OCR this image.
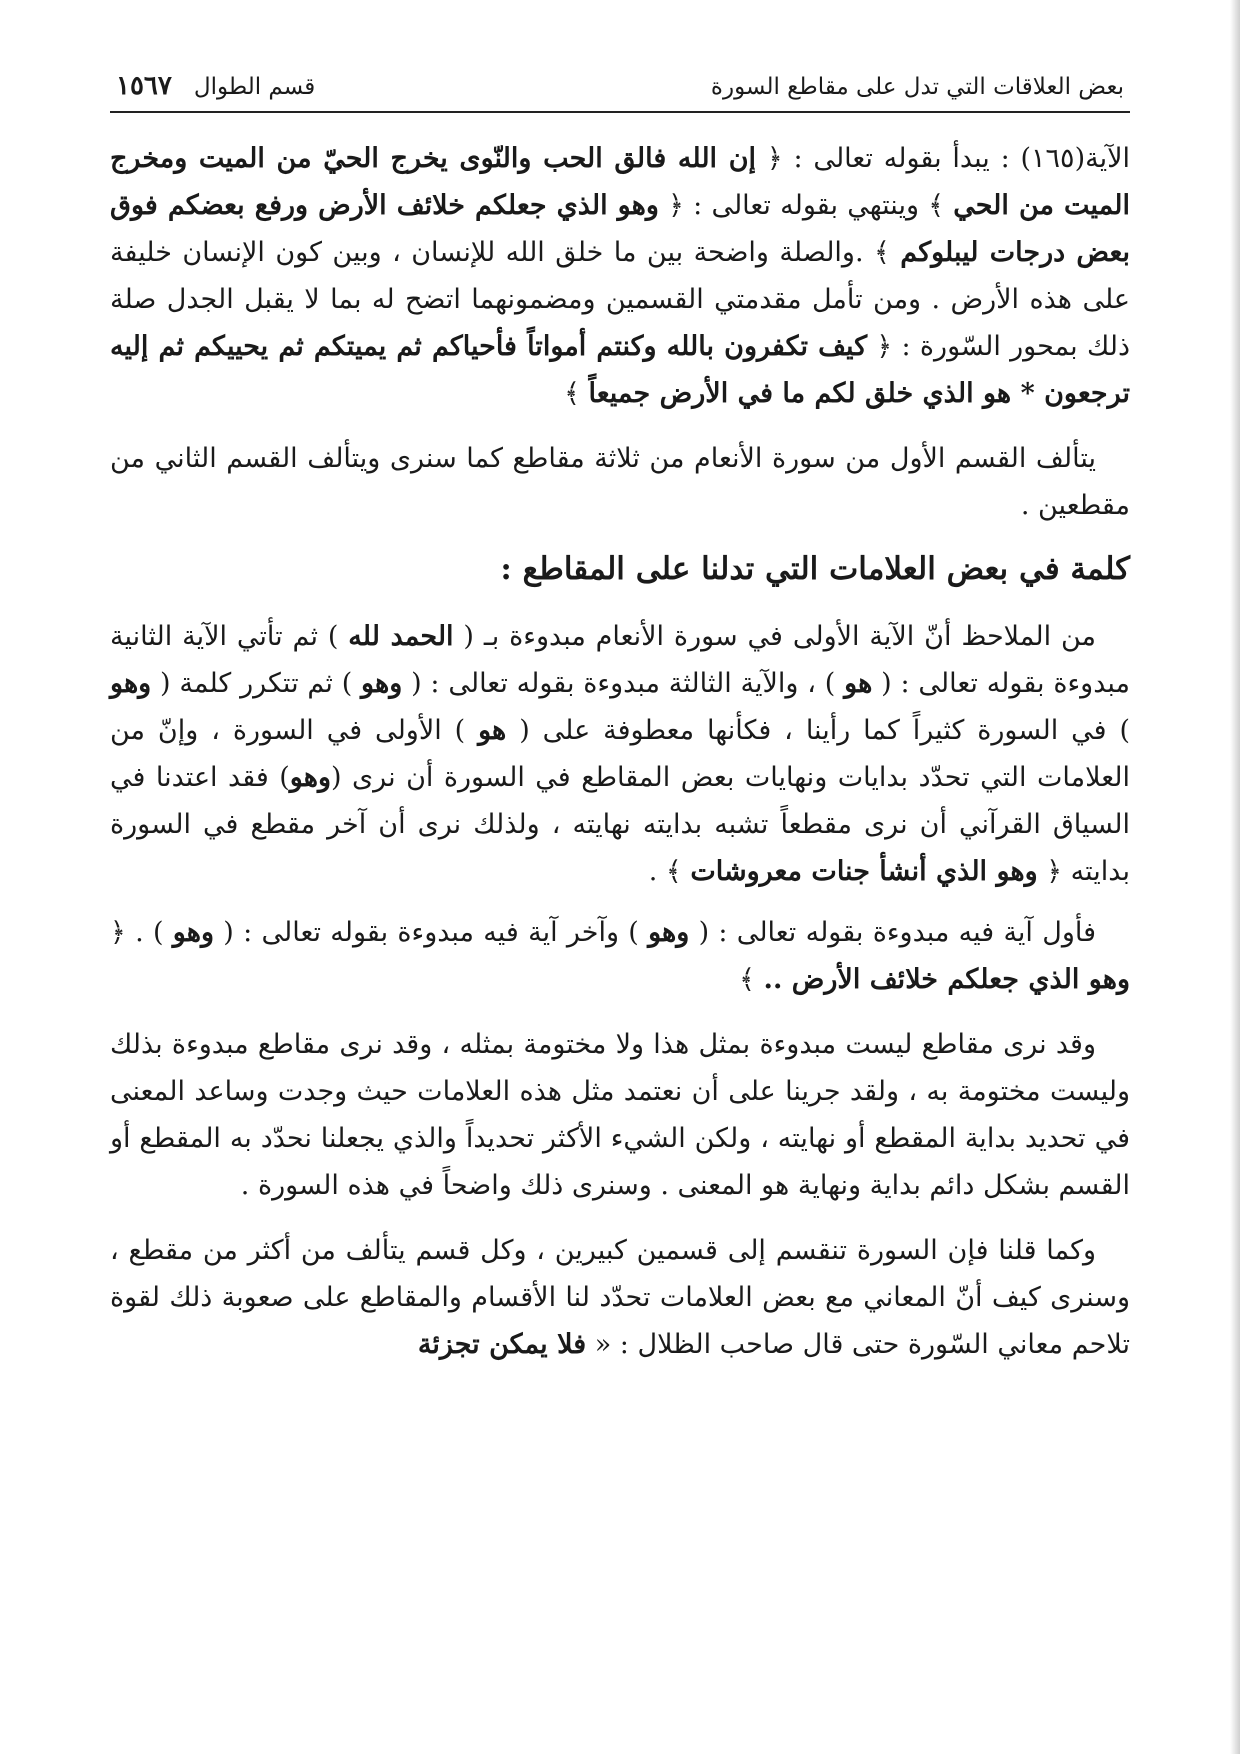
بعض العلاقات التي تدل على مقاطع السورة
قسم الطوال
١٥٦٧

الآية(١٦٥) : يبدأ بقوله تعالى : ﴿ إن الله فالق الحب والنّوى يخرج الحيّ من الميت ومخرج الميت من الحي ﴾ وينتهي بقوله تعالى : ﴿ وهو الذي جعلكم خلائف الأرض ورفع بعضكم فوق بعض درجات ليبلوكم ﴾ .والصلة واضحة بين ما خلق الله للإنسان ، وبين كون الإنسان خليفة على هذه الأرض . ومن تأمل مقدمتي القسمين ومضمونهما اتضح له بما لا يقبل الجدل صلة ذلك بمحور السّورة : ﴿ كيف تكفرون بالله وكنتم أمواتاً فأحياكم ثم يميتكم ثم يحييكم ثم إليه ترجعون * هو الذي خلق لكم ما في الأرض جميعاً ﴾

يتألف القسم الأول من سورة الأنعام من ثلاثة مقاطع كما سنرى ويتألف القسم الثاني من مقطعين .

كلمة في بعض العلامات التي تدلنا على المقاطع :

من الملاحظ أنّ الآية الأولى في سورة الأنعام مبدوءة بـ ( الحمد لله ) ثم تأتي الآية الثانية مبدوءة بقوله تعالى : ( هو ) ، والآية الثالثة مبدوءة بقوله تعالى : ( وهو ) ثم تتكرر كلمة ( وهو ) في السورة كثيراً كما رأينا ، فكأنها معطوفة على ( هو ) الأولى في السورة ، وإنّ من العلامات التي تحدّد بدايات ونهايات بعض المقاطع في السورة أن نرى (وهو) فقد اعتدنا في السياق القرآني أن نرى مقطعاً تشبه بدايته نهايته ، ولذلك نرى أن آخر مقطع في السورة بدايته ﴿ وهو الذي أنشأ جنات معروشات ﴾ .

فأول آية فيه مبدوءة بقوله تعالى : ( وهو ) وآخر آية فيه مبدوءة بقوله تعالى : ( وهو ) . ﴿ وهو الذي جعلكم خلائف الأرض .. ﴾

وقد نرى مقاطع ليست مبدوءة بمثل هذا ولا مختومة بمثله ، وقد نرى مقاطع مبدوءة بذلك وليست مختومة به ، ولقد جرينا على أن نعتمد مثل هذه العلامات حيث وجدت وساعد المعنى في تحديد بداية المقطع أو نهايته ، ولكن الشيء الأكثر تحديداً والذي يجعلنا نحدّد به المقطع أو القسم بشكل دائم بداية ونهاية هو المعنى . وسنرى ذلك واضحاً في هذه السورة .

وكما قلنا فإن السورة تنقسم إلى قسمين كبيرين ، وكل قسم يتألف من أكثر من مقطع ، وسنرى كيف أنّ المعاني مع بعض العلامات تحدّد لنا الأقسام والمقاطع على صعوبة ذلك لقوة تلاحم معاني السّورة حتى قال صاحب الظلال : « فلا يمكن تجزئة
